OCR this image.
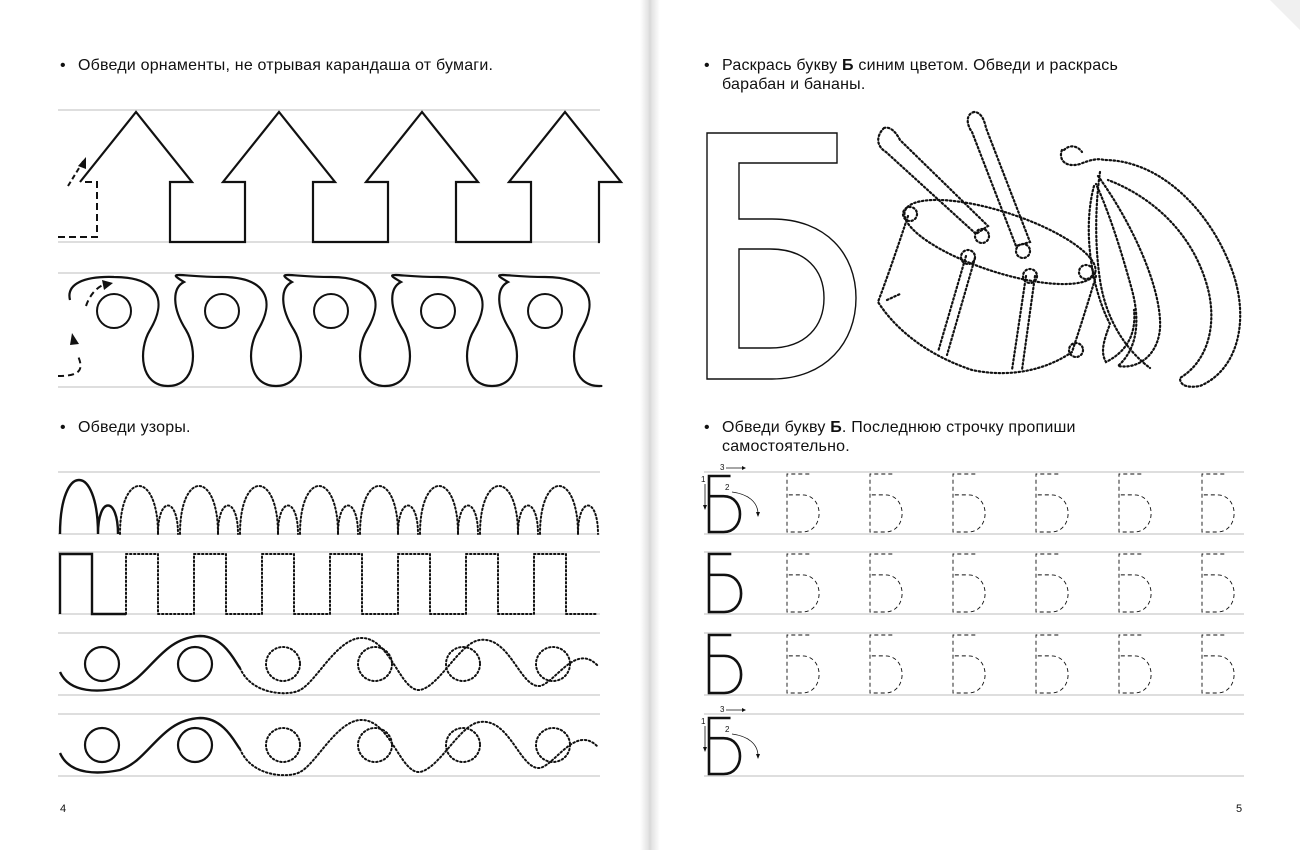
• Обведи орнаменты, не отрывая карандаша от бумаги.
• Обведи узоры.
4
• Раскрась букву Б синим цветом. Обведи и раскрась
барабан и бананы.
• Обведи букву Б. Последнюю строчку пропиши
самостоятельно.
5
Б
1
2
3
1
2
3
